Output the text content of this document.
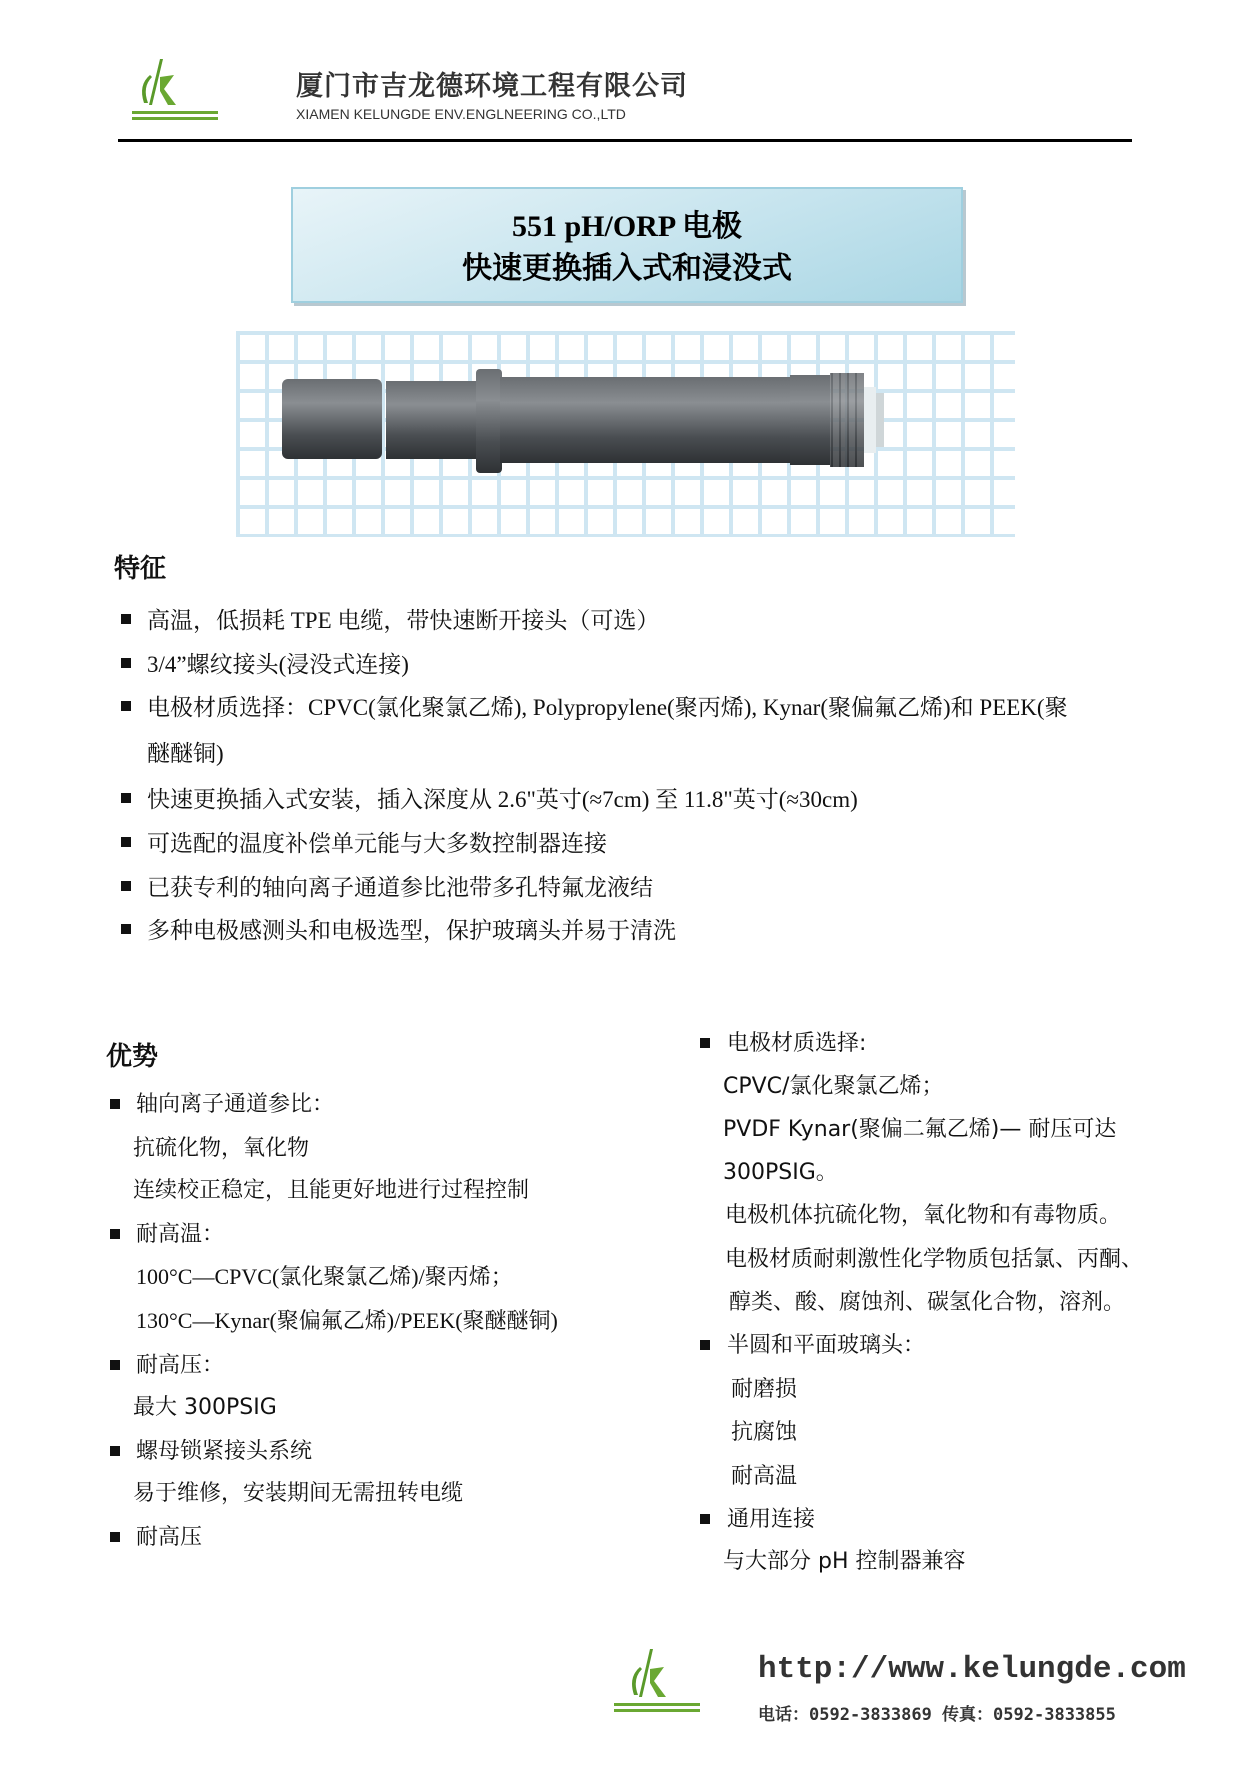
厦门市吉龙德环境工程有限公司
XIAMEN KELUNGDE ENV.ENGLNEERING CO.,LTD
551 pH/ORP 电极
快速更换插入式和浸没式
特征
高温，低损耗 TPE 电缆，带快速断开接头（可选）
3/4”螺纹接头(浸没式连接)
电极材质选择：CPVC(氯化聚氯乙烯), Polypropylene(聚丙烯), Kynar(聚偏氟乙烯)和 PEEK(聚
醚醚铜)
快速更换插入式安装，插入深度从 2.6"英寸(≈7cm) 至 11.8"英寸(≈30cm)
可选配的温度补偿单元能与大多数控制器连接
已获专利的轴向离子通道参比池带多孔特氟龙液结
多种电极感测头和电极选型，保护玻璃头并易于清洗
优势
轴向离子通道参比：
抗硫化物，氧化物
连续校正稳定，且能更好地进行过程控制
耐高温：
100°C—CPVC(氯化聚氯乙烯)/聚丙烯；
130°C—Kynar(聚偏氟乙烯)/PEEK(聚醚醚铜)
耐高压：
最大 300PSIG
螺母锁紧接头系统
易于维修，安装期间无需扭转电缆
耐高压
电极材质选择:
CPVC/氯化聚氯乙烯；
PVDF Kynar(聚偏二氟乙烯)— 耐压可达
300PSIG。
电极机体抗硫化物，氧化物和有毒物质。
电极材质耐刺激性化学物质包括氯、丙酮、
醇类、酸、腐蚀剂、碳氢化合物，溶剂。
半圆和平面玻璃头：
耐磨损
抗腐蚀
耐高温
通用连接
与大部分 pH 控制器兼容
http://www.kelungde.com
电话：0592-3833869 传真：0592-3833855
